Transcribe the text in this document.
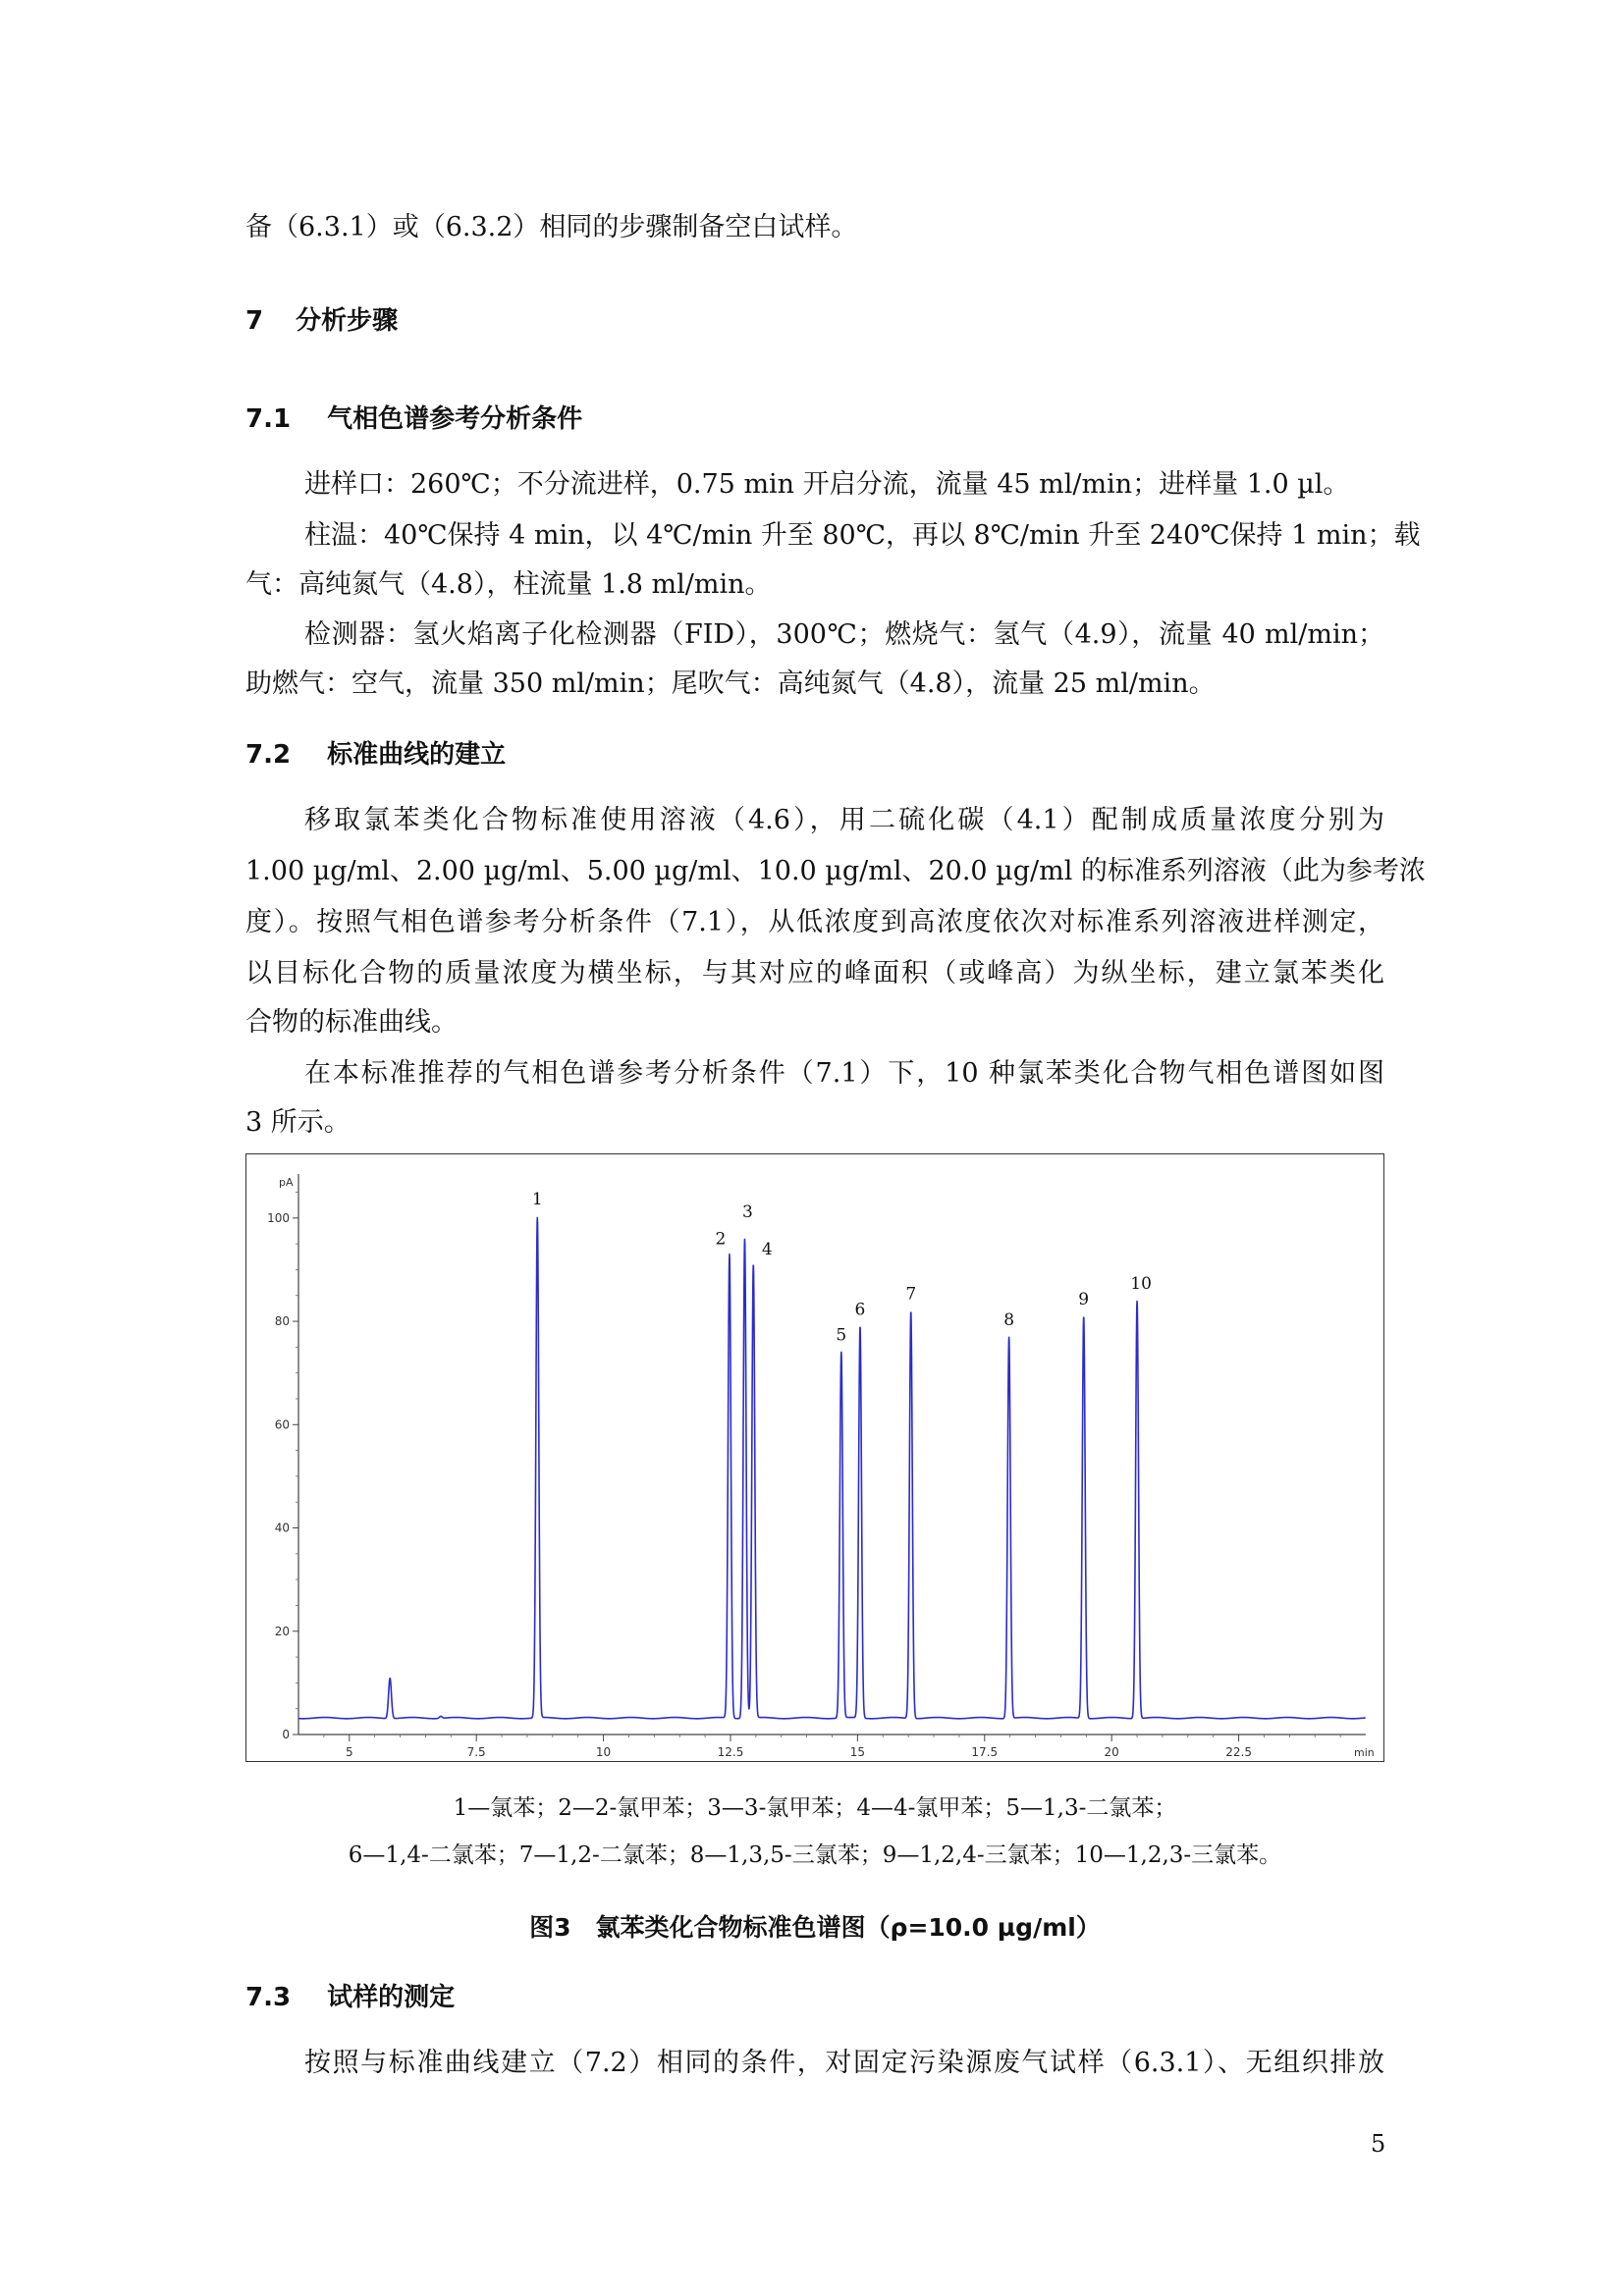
备（6.3.1）或（6.3.2）相同的步骤制备空白试样。
7 分析步骤
7.1 气相色谱参考分析条件
进样口：260℃；不分流进样，0.75 min 开启分流，流量 45 ml/min；进样量 1.0 µl。
柱温：40℃保持 4 min，以 4℃/min 升至 80℃，再以 8℃/min 升至 240℃保持 1 min；载
气：高纯氮气（4.8），柱流量 1.8 ml/min。
检测器：氢火焰离子化检测器（FID），300℃；燃烧气：氢气（4.9），流量 40 ml/min；
助燃气：空气，流量 350 ml/min；尾吹气：高纯氮气（4.8），流量 25 ml/min。
7.2 标准曲线的建立
移取氯苯类化合物标准使用溶液（4.6），用二硫化碳（4.1）配制成质量浓度分别为
1.00 µg/ml、2.00 µg/ml、5.00 µg/ml、10.0 µg/ml、20.0 µg/ml 的标准系列溶液（此为参考浓
度）。按照气相色谱参考分析条件（7.1），从低浓度到高浓度依次对标准系列溶液进样测定，
以目标化合物的质量浓度为横坐标，与其对应的峰面积（或峰高）为纵坐标，建立氯苯类化
合物的标准曲线。
在本标准推荐的气相色谱参考分析条件（7.1）下，10 种氯苯类化合物气相色谱图如图
3 所示。
pA
min
0
20
40
60
80
100
5	7.5	10	12.5	15	17.5	20	22.5
1
2
3
4
5
6
7
8
9
10
1—氯苯；2—2-氯甲苯；3—3-氯甲苯；4—4-氯甲苯；5—1,3-二氯苯；
6—1,4-二氯苯；7—1,2-二氯苯；8—1,3,5-三氯苯；9—1,2,4-三氯苯；10—1,2,3-三氯苯。
图3　氯苯类化合物标准色谱图（ρ=10.0 µg/ml）
7.3 试样的测定
按照与标准曲线建立（7.2）相同的条件，对固定污染源废气试样（6.3.1）、无组织排放
5
